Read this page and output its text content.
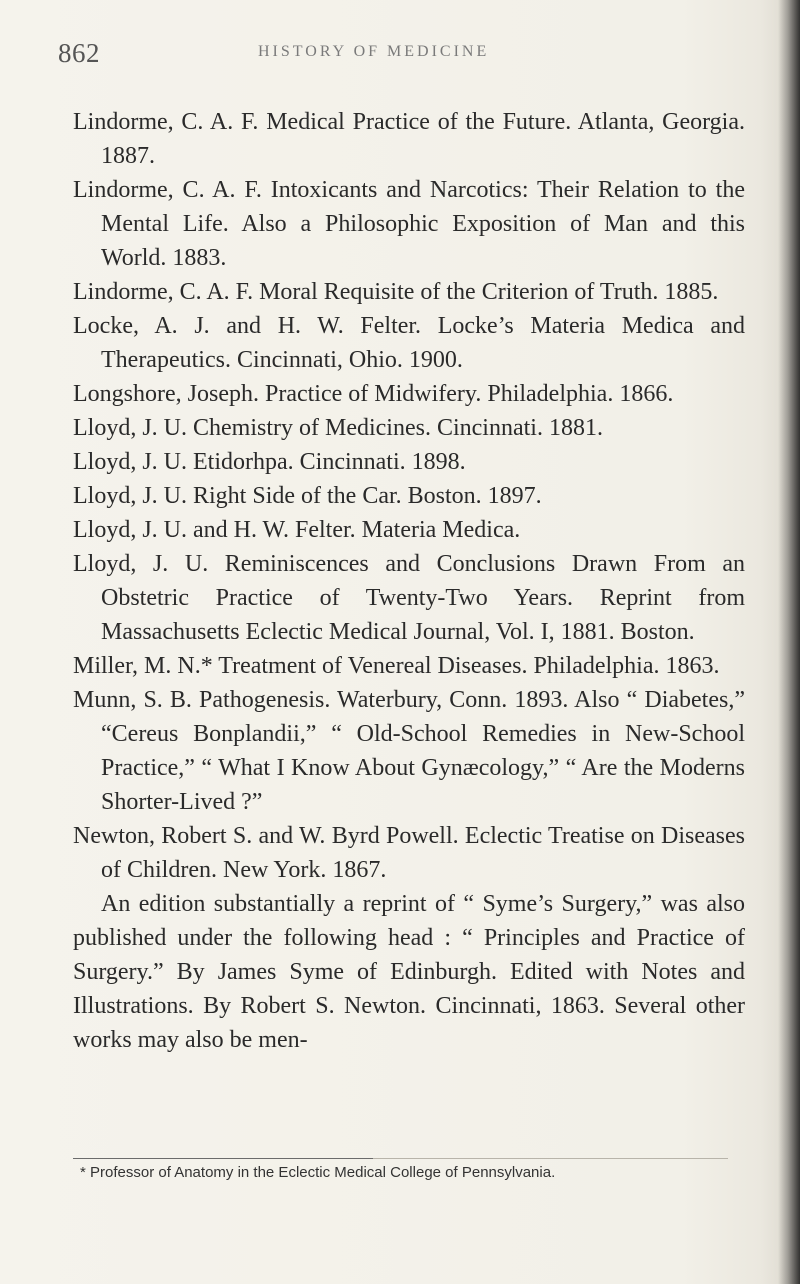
862	HISTORY OF MEDICINE
Lindorme, C. A. F. Medical Practice of the Future. Atlanta, Georgia. 1887.
Lindorme, C. A. F. Intoxicants and Narcotics: Their Relation to the Mental Life. Also a Philosophic Exposition of Man and this World. 1883.
Lindorme, C. A. F. Moral Requisite of the Criterion of Truth. 1885.
Locke, A. J. and H. W. Felter. Locke’s Materia Medica and Therapeutics. Cincinnati, Ohio. 1900.
Longshore, Joseph. Practice of Midwifery. Philadelphia. 1866.
Lloyd, J. U. Chemistry of Medicines. Cincinnati. 1881.
Lloyd, J. U. Etidorhpa. Cincinnati. 1898.
Lloyd, J. U. Right Side of the Car. Boston. 1897.
Lloyd, J. U. and H. W. Felter. Materia Medica.
Lloyd, J. U. Reminiscences and Conclusions Drawn From an Obstetric Practice of Twenty-Two Years. Reprint from Massachusetts Eclectic Medical Journal, Vol. I, 1881. Boston.
Miller, M. N.* Treatment of Venereal Diseases. Philadelphia. 1863.
Munn, S. B. Pathogenesis. Waterbury, Conn. 1893. Also “ Diabetes,” “Cereus Bonplandii,” “ Old-School Remedies in New-School Practice,” “ What I Know About Gynæcology,” “ Are the Moderns Shorter-Lived ?”
Newton, Robert S. and W. Byrd Powell. Eclectic Treatise on Diseases of Children. New York. 1867.
An edition substantially a reprint of “ Syme’s Surgery,” was also published under the following head : “ Principles and Practice of Surgery.” By James Syme of Edinburgh. Edited with Notes and Illustrations. By Robert S. Newton. Cincinnati, 1863. Several other works may also be men-
* Professor of Anatomy in the Eclectic Medical College of Pennsylvania.
